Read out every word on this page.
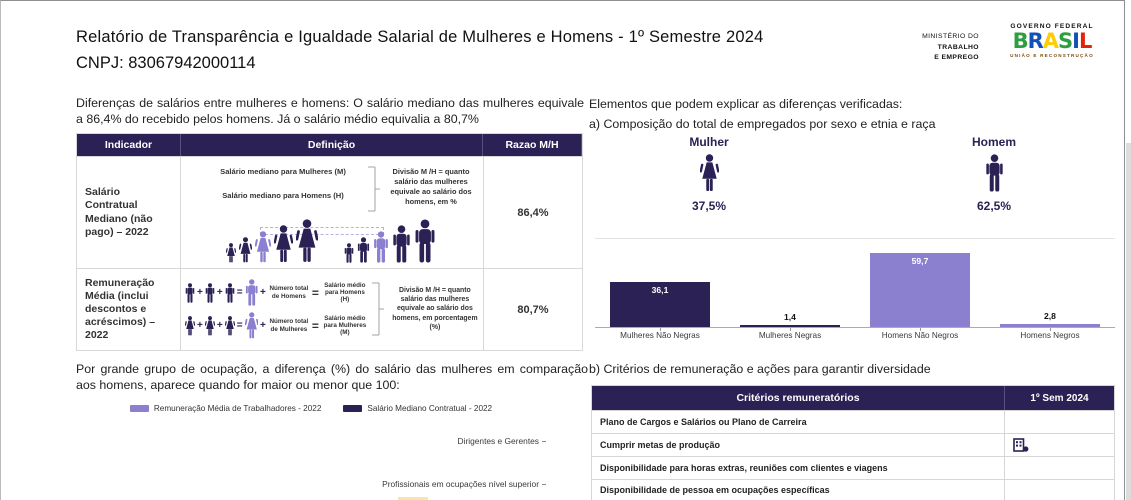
Relatório de Transparência e Igualdade Salarial de Mulheres e Homens - 1º Semestre 2024
CNPJ: 83067942000114
MINISTÉRIO DO
TRABALHO
E EMPREGO
GOVERNO FEDERAL
BRASIL
UNIÃO E RECONSTRUÇÃO
Diferenças de salários entre mulheres e homens: O salário mediano das mulheres equivale a 86,4% do recebido pelos homens. Já o salário médio equivalia a 80,7%
Indicador	Definição	Razao M/H
Salário Contratual Mediano (não pago) – 2022
Salário mediano para Mulheres (M)
Salário mediano para Homens (H)
Divisão M /H = quanto salário das mulheres equivale ao salário dos homens, em %
86,4%
Remuneração Média (inclui descontos e acréscimos) – 2022
+ + = + Número total de Homens =
Salário médio para Homens (H)
+ + = + Número total de Mulheres =
Salário médio para Mulheres (M)
Divisão M /H = quanto salário das mulheres equivale ao salário dos homens, em porcentagem (%)
80,7%
Por grande grupo de ocupação, a diferença (%) do salário das mulheres em comparação aos homens, aparece quando for maior ou menor que 100:
Remuneração Média de Trabalhadores - 2022	Salário Mediano Contratual - 2022
Dirigentes e Gerentes
Profissionais em ocupações nível superior
Elementos que podem explicar as diferenças verificadas:
a) Composição do total de empregados por sexo e etnia e raça
Mulher
37,5%
Homem
62,5%
36,1
1,4
59,7
2,8
Mulheres Não Negras	Mulheres Negras	Homens Não Negros	Homens Negros
b) Critérios de remuneração e ações para garantir diversidade
Critérios remuneratórios	1º Sem 2024
Plano de Cargos e Salários ou Plano de Carreira
Cumprir metas de produção
Disponibilidade para horas extras, reuniões com clientes e viagens
Disponibilidade de pessoa em ocupações específicas
